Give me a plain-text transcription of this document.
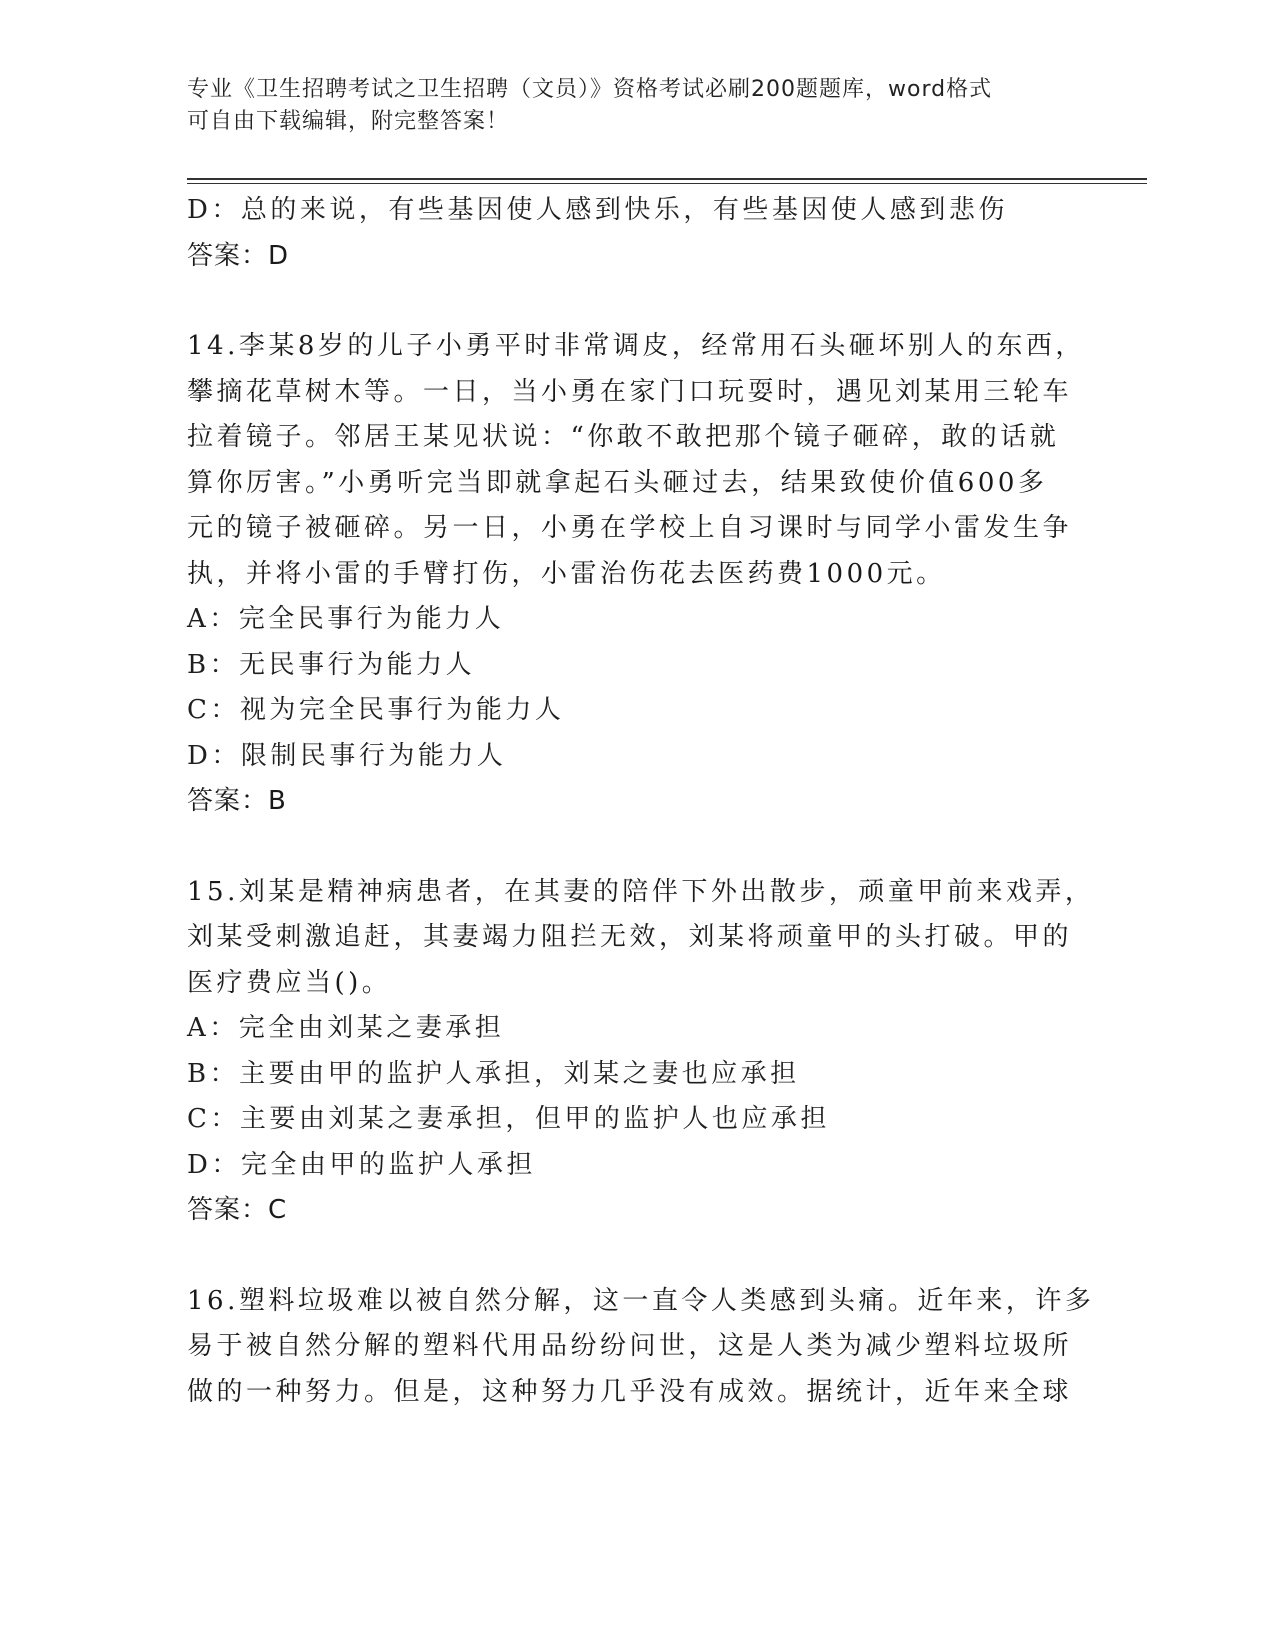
专业《卫生招聘考试之卫生招聘（文员）》资格考试必刷200题题库，word格式
可自由下载编辑，附完整答案！
D：总的来说，有些基因使人感到快乐，有些基因使人感到悲伤
答案：D
14.李某8岁的儿子小勇平时非常调皮，经常用石头砸坏别人的东西，
攀摘花草树木等。一日，当小勇在家门口玩耍时，遇见刘某用三轮车
拉着镜子。邻居王某见状说：“你敢不敢把那个镜子砸碎，敢的话就
算你厉害。”小勇听完当即就拿起石头砸过去，结果致使价值600多
元的镜子被砸碎。另一日，小勇在学校上自习课时与同学小雷发生争
执，并将小雷的手臂打伤，小雷治伤花去医药费1000元。
A：完全民事行为能力人
B：无民事行为能力人
C：视为完全民事行为能力人
D：限制民事行为能力人
答案：B
15.刘某是精神病患者，在其妻的陪伴下外出散步，顽童甲前来戏弄，
刘某受刺激追赶，其妻竭力阻拦无效，刘某将顽童甲的头打破。甲的
医疗费应当()。
A：完全由刘某之妻承担
B：主要由甲的监护人承担，刘某之妻也应承担
C：主要由刘某之妻承担，但甲的监护人也应承担
D：完全由甲的监护人承担
答案：C
16.塑料垃圾难以被自然分解，这一直令人类感到头痛。近年来，许多
易于被自然分解的塑料代用品纷纷问世，这是人类为减少塑料垃圾所
做的一种努力。但是，这种努力几乎没有成效。据统计，近年来全球
